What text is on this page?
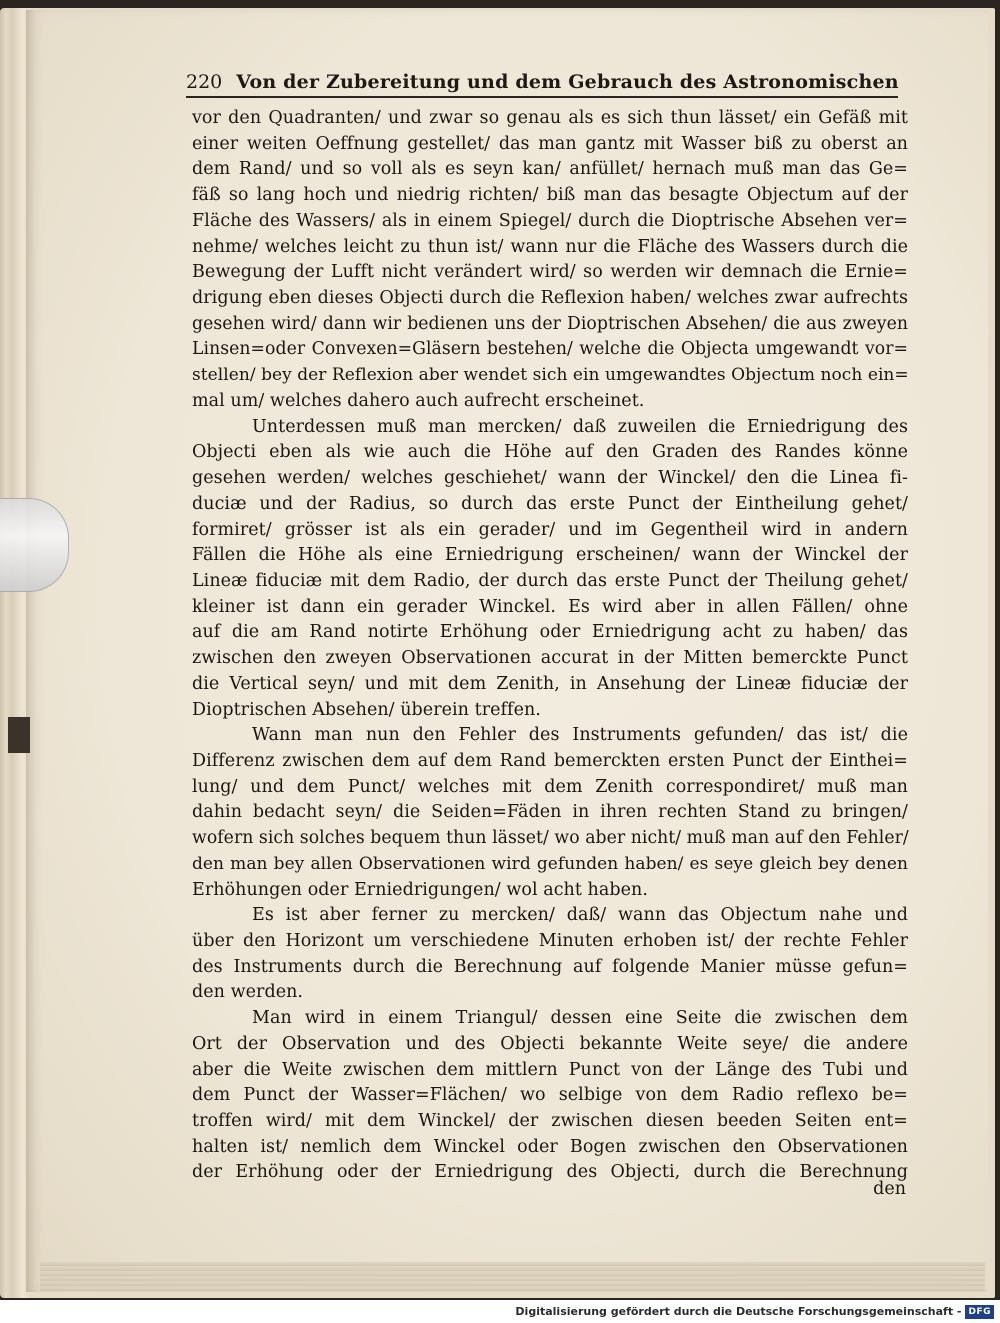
220 Von der Zubereitung und dem Gebrauch des Astronomischen
vor den Quadranten/ und zwar so genau als es sich thun lässet/ ein Gefäß mit
einer weiten Oeffnung gestellet/ das man gantz mit Wasser biß zu oberst an
dem Rand/ und so voll als es seyn kan/ anfüllet/ hernach muß man das Ge=
fäß so lang hoch und niedrig richten/ biß man das besagte Objectum auf der
Fläche des Wassers/ als in einem Spiegel/ durch die Dioptrische Absehen ver=
nehme/ welches leicht zu thun ist/ wann nur die Fläche des Wassers durch die
Bewegung der Lufft nicht verändert wird/ so werden wir demnach die Ernie=
drigung eben dieses Objecti durch die Reflexion haben/ welches zwar aufrechts
gesehen wird/ dann wir bedienen uns der Dioptrischen Absehen/ die aus zweyen
Linsen=oder Convexen=Gläsern bestehen/ welche die Objecta umgewandt vor=
stellen/ bey der Reflexion aber wendet sich ein umgewandtes Objectum noch ein=
mal um/ welches dahero auch aufrecht erscheinet.
Unterdessen muß man mercken/ daß zuweilen die Erniedrigung des
Objecti eben als wie auch die Höhe auf den Graden des Randes könne
gesehen werden/ welches geschiehet/ wann der Winckel/ den die Linea fi-
duciæ und der Radius, so durch das erste Punct der Eintheilung gehet/
formiret/ grösser ist als ein gerader/ und im Gegentheil wird in andern
Fällen die Höhe als eine Erniedrigung erscheinen/ wann der Winckel der
Lineæ fiduciæ mit dem Radio, der durch das erste Punct der Theilung gehet/
kleiner ist dann ein gerader Winckel. Es wird aber in allen Fällen/ ohne
auf die am Rand notirte Erhöhung oder Erniedrigung acht zu haben/ das
zwischen den zweyen Observationen accurat in der Mitten bemerckte Punct
die Vertical seyn/ und mit dem Zenith, in Ansehung der Lineæ fiduciæ der
Dioptrischen Absehen/ überein treffen.
Wann man nun den Fehler des Instruments gefunden/ das ist/ die
Differenz zwischen dem auf dem Rand bemerckten ersten Punct der Einthei=
lung/ und dem Punct/ welches mit dem Zenith correspondiret/ muß man
dahin bedacht seyn/ die Seiden=Fäden in ihren rechten Stand zu bringen/
wofern sich solches bequem thun lässet/ wo aber nicht/ muß man auf den Fehler/
den man bey allen Observationen wird gefunden haben/ es seye gleich bey denen
Erhöhungen oder Erniedrigungen/ wol acht haben.
Es ist aber ferner zu mercken/ daß/ wann das Objectum nahe und
über den Horizont um verschiedene Minuten erhoben ist/ der rechte Fehler
des Instruments durch die Berechnung auf folgende Manier müsse gefun=
den werden.
Man wird in einem Triangul/ dessen eine Seite die zwischen dem
Ort der Observation und des Objecti bekannte Weite seye/ die andere
aber die Weite zwischen dem mittlern Punct von der Länge des Tubi und
dem Punct der Wasser=Flächen/ wo selbige von dem Radio reflexo be=
troffen wird/ mit dem Winckel/ der zwischen diesen beeden Seiten ent=
halten ist/ nemlich dem Winckel oder Bogen zwischen den Observationen
der Erhöhung oder der Erniedrigung des Objecti, durch die Berechnung
den
Digitalisierung gefördert durch die Deutsche Forschungsgemeinschaft - DFG
